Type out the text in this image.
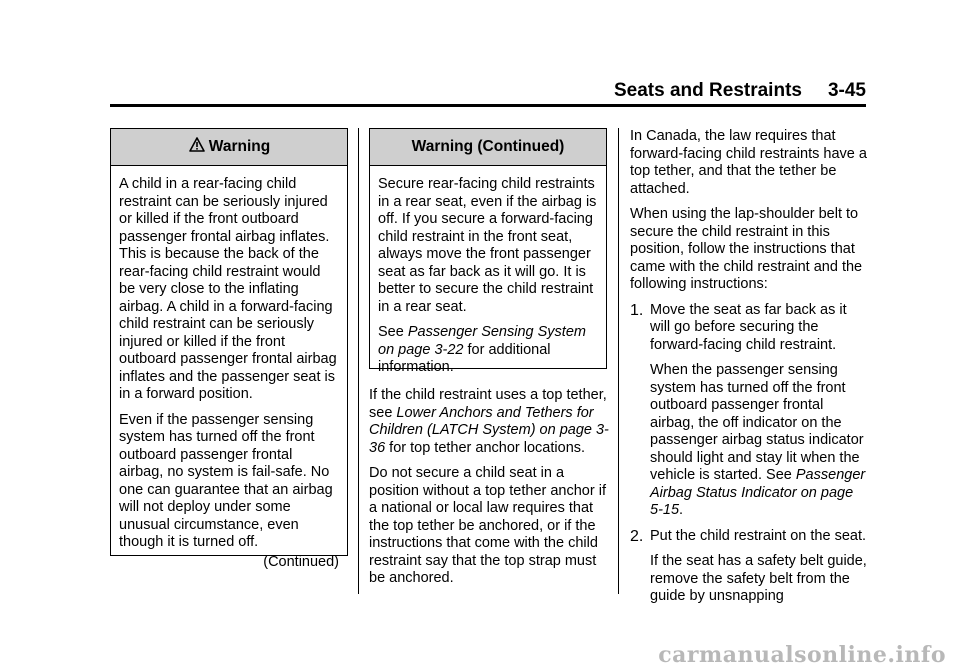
Seats and Restraints 3-45
Warning

A child in a rear-facing child restraint can be seriously injured or killed if the front outboard passenger frontal airbag inflates. This is because the back of the rear-facing child restraint would be very close to the inflating airbag. A child in a forward-facing child restraint can be seriously injured or killed if the front outboard passenger frontal airbag inflates and the passenger seat is in a forward position.

Even if the passenger sensing system has turned off the front outboard passenger frontal airbag, no system is fail-safe. No one can guarantee that an airbag will not deploy under some unusual circumstance, even though it is turned off.

(Continued)
Warning (Continued)

Secure rear-facing child restraints in a rear seat, even if the airbag is off. If you secure a forward-facing child restraint in the front seat, always move the front passenger seat as far back as it will go. It is better to secure the child restraint in a rear seat.

See Passenger Sensing System on page 3-22 for additional information.

If the child restraint uses a top tether, see Lower Anchors and Tethers for Children (LATCH System) on page 3-36 for top tether anchor locations.

Do not secure a child seat in a position without a top tether anchor if a national or local law requires that the top tether be anchored, or if the instructions that come with the child restraint say that the top strap must be anchored.

In Canada, the law requires that forward-facing child restraints have a top tether, and that the tether be attached.

When using the lap-shoulder belt to secure the child restraint in this position, follow the instructions that came with the child restraint and the following instructions:

1. Move the seat as far back as it will go before securing the forward-facing child restraint.

When the passenger sensing system has turned off the front outboard passenger frontal airbag, the off indicator on the passenger airbag status indicator should light and stay lit when the vehicle is started. See Passenger Airbag Status Indicator on page 5-15.

2. Put the child restraint on the seat.

If the seat has a safety belt guide, remove the safety belt from the guide by unsnapping

carmanualsonline.info
